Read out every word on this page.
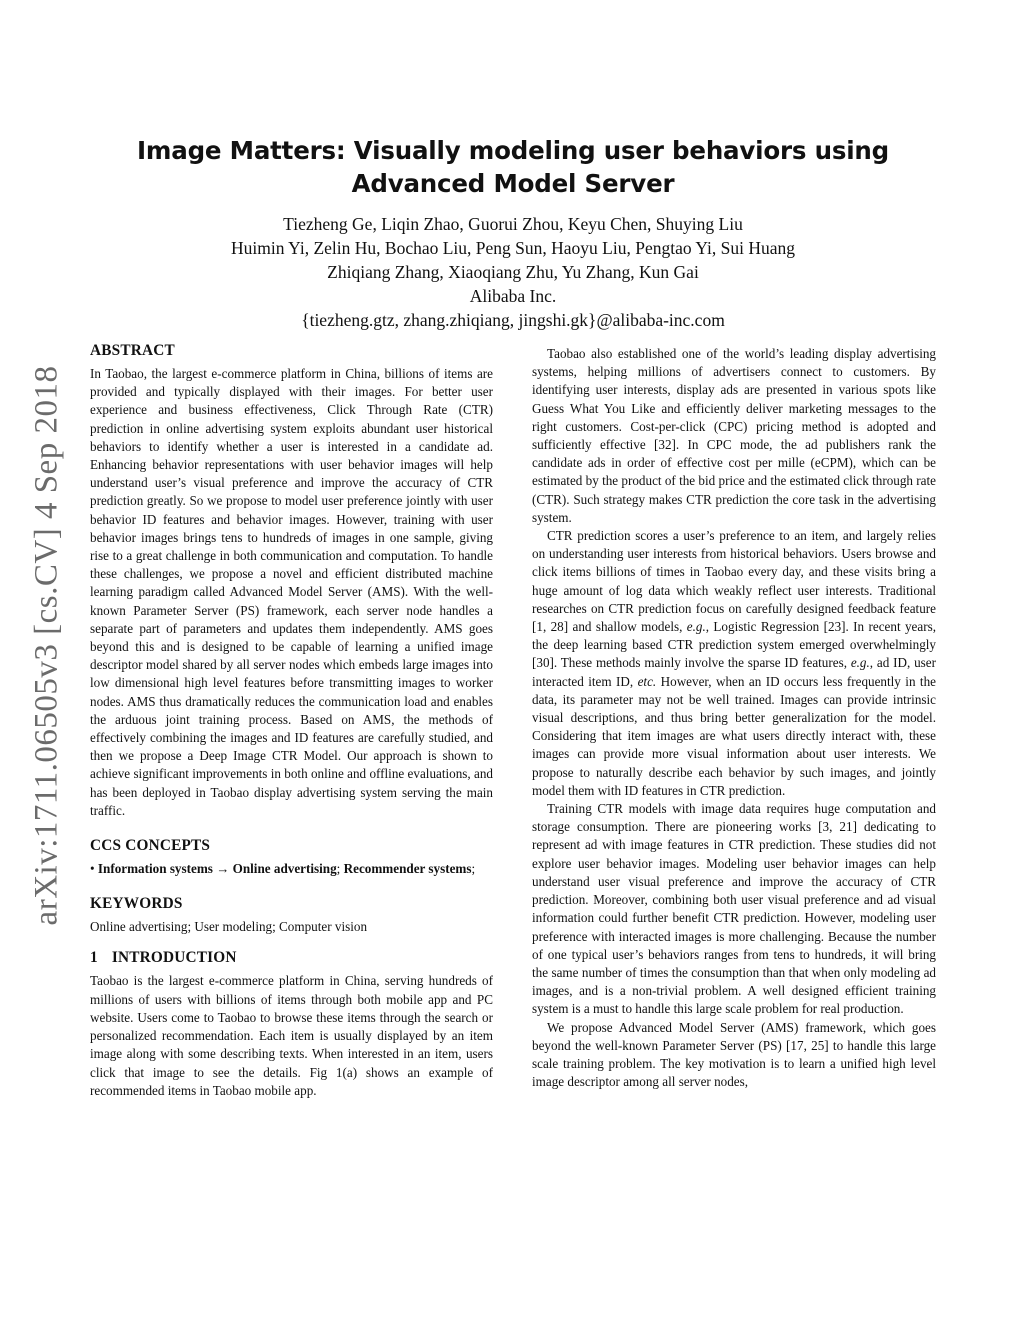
arXiv:1711.06505v3 [cs.CV] 4 Sep 2018
Image Matters: Visually modeling user behaviors using
Advanced Model Server
Tiezheng Ge, Liqin Zhao, Guorui Zhou, Keyu Chen, Shuying Liu
Huimin Yi, Zelin Hu, Bochao Liu, Peng Sun, Haoyu Liu, Pengtao Yi, Sui Huang
Zhiqiang Zhang, Xiaoqiang Zhu, Yu Zhang, Kun Gai
Alibaba Inc.
{tiezheng.gtz, zhang.zhiqiang, jingshi.gk}@alibaba-inc.com
ABSTRACT

In Taobao, the largest e-commerce platform in China, billions of items are provided and typically displayed with their images. For better user experience and business effectiveness, Click Through Rate (CTR) prediction in online advertising system exploits abundant user historical behaviors to identify whether a user is interested in a candidate ad. Enhancing behavior representations with user behavior images will help understand user’s visual preference and improve the accuracy of CTR prediction greatly. So we propose to model user preference jointly with user behavior ID features and behavior images. However, training with user behavior images brings tens to hundreds of images in one sample, giving rise to a great challenge in both communication and computation. To handle these challenges, we propose a novel and efficient distributed machine learning paradigm called Advanced Model Server (AMS). With the well-known Parameter Server (PS) framework, each server node handles a separate part of parameters and updates them independently. AMS goes beyond this and is designed to be capable of learning a unified image descriptor model shared by all server nodes which embeds large images into low dimensional high level features before transmitting images to worker nodes. AMS thus dramatically reduces the communication load and enables the arduous joint training process. Based on AMS, the methods of effectively combining the images and ID features are carefully studied, and then we propose a Deep Image CTR Model. Our approach is shown to achieve significant improvements in both online and offline evaluations, and has been deployed in Taobao display advertising system serving the main traffic.

CCS CONCEPTS

• Information systems → Online advertising; Recommender systems;

KEYWORDS

Online advertising; User modeling; Computer vision

1 INTRODUCTION

Taobao is the largest e-commerce platform in China, serving hundreds of millions of users with billions of items through both mobile app and PC website. Users come to Taobao to browse these items through the search or personalized recommendation. Each item is usually displayed by an item image along with some describing texts. When interested in an item, users click that image to see the details. Fig 1(a) shows an example of recommended items in Taobao mobile app.

Taobao also established one of the world’s leading display advertising systems, helping millions of advertisers connect to customers. By identifying user interests, display ads are presented in various spots like Guess What You Like and efficiently deliver marketing messages to the right customers. Cost-per-click (CPC) pricing method is adopted and sufficiently effective [32]. In CPC mode, the ad publishers rank the candidate ads in order of effective cost per mille (eCPM), which can be estimated by the product of the bid price and the estimated click through rate (CTR). Such strategy makes CTR prediction the core task in the advertising system.

CTR prediction scores a user’s preference to an item, and largely relies on understanding user interests from historical behaviors. Users browse and click items billions of times in Taobao every day, and these visits bring a huge amount of log data which weakly reflect user interests. Traditional researches on CTR prediction focus on carefully designed feedback feature [1, 28] and shallow models, e.g., Logistic Regression [23]. In recent years, the deep learning based CTR prediction system emerged overwhelmingly [30]. These methods mainly involve the sparse ID features, e.g., ad ID, user interacted item ID, etc. However, when an ID occurs less frequently in the data, its parameter may not be well trained. Images can provide intrinsic visual descriptions, and thus bring better generalization for the model. Considering that item images are what users directly interact with, these images can provide more visual information about user interests. We propose to naturally describe each behavior by such images, and jointly model them with ID features in CTR prediction.

Training CTR models with image data requires huge computation and storage consumption. There are pioneering works [3, 21] dedicating to represent ad with image features in CTR prediction. These studies did not explore user behavior images. Modeling user behavior images can help understand user visual preference and improve the accuracy of CTR prediction. Moreover, combining both user visual preference and ad visual information could further benefit CTR prediction. However, modeling user preference with interacted images is more challenging. Because the number of one typical user’s behaviors ranges from tens to hundreds, it will bring the same number of times the consumption than that when only modeling ad images, and is a non-trivial problem. A well designed efficient training system is a must to handle this large scale problem for real production.

We propose Advanced Model Server (AMS) framework, which goes beyond the well-known Parameter Server (PS) [17, 25] to handle this large scale training problem. The key motivation is to learn a unified high level image descriptor among all server nodes,
